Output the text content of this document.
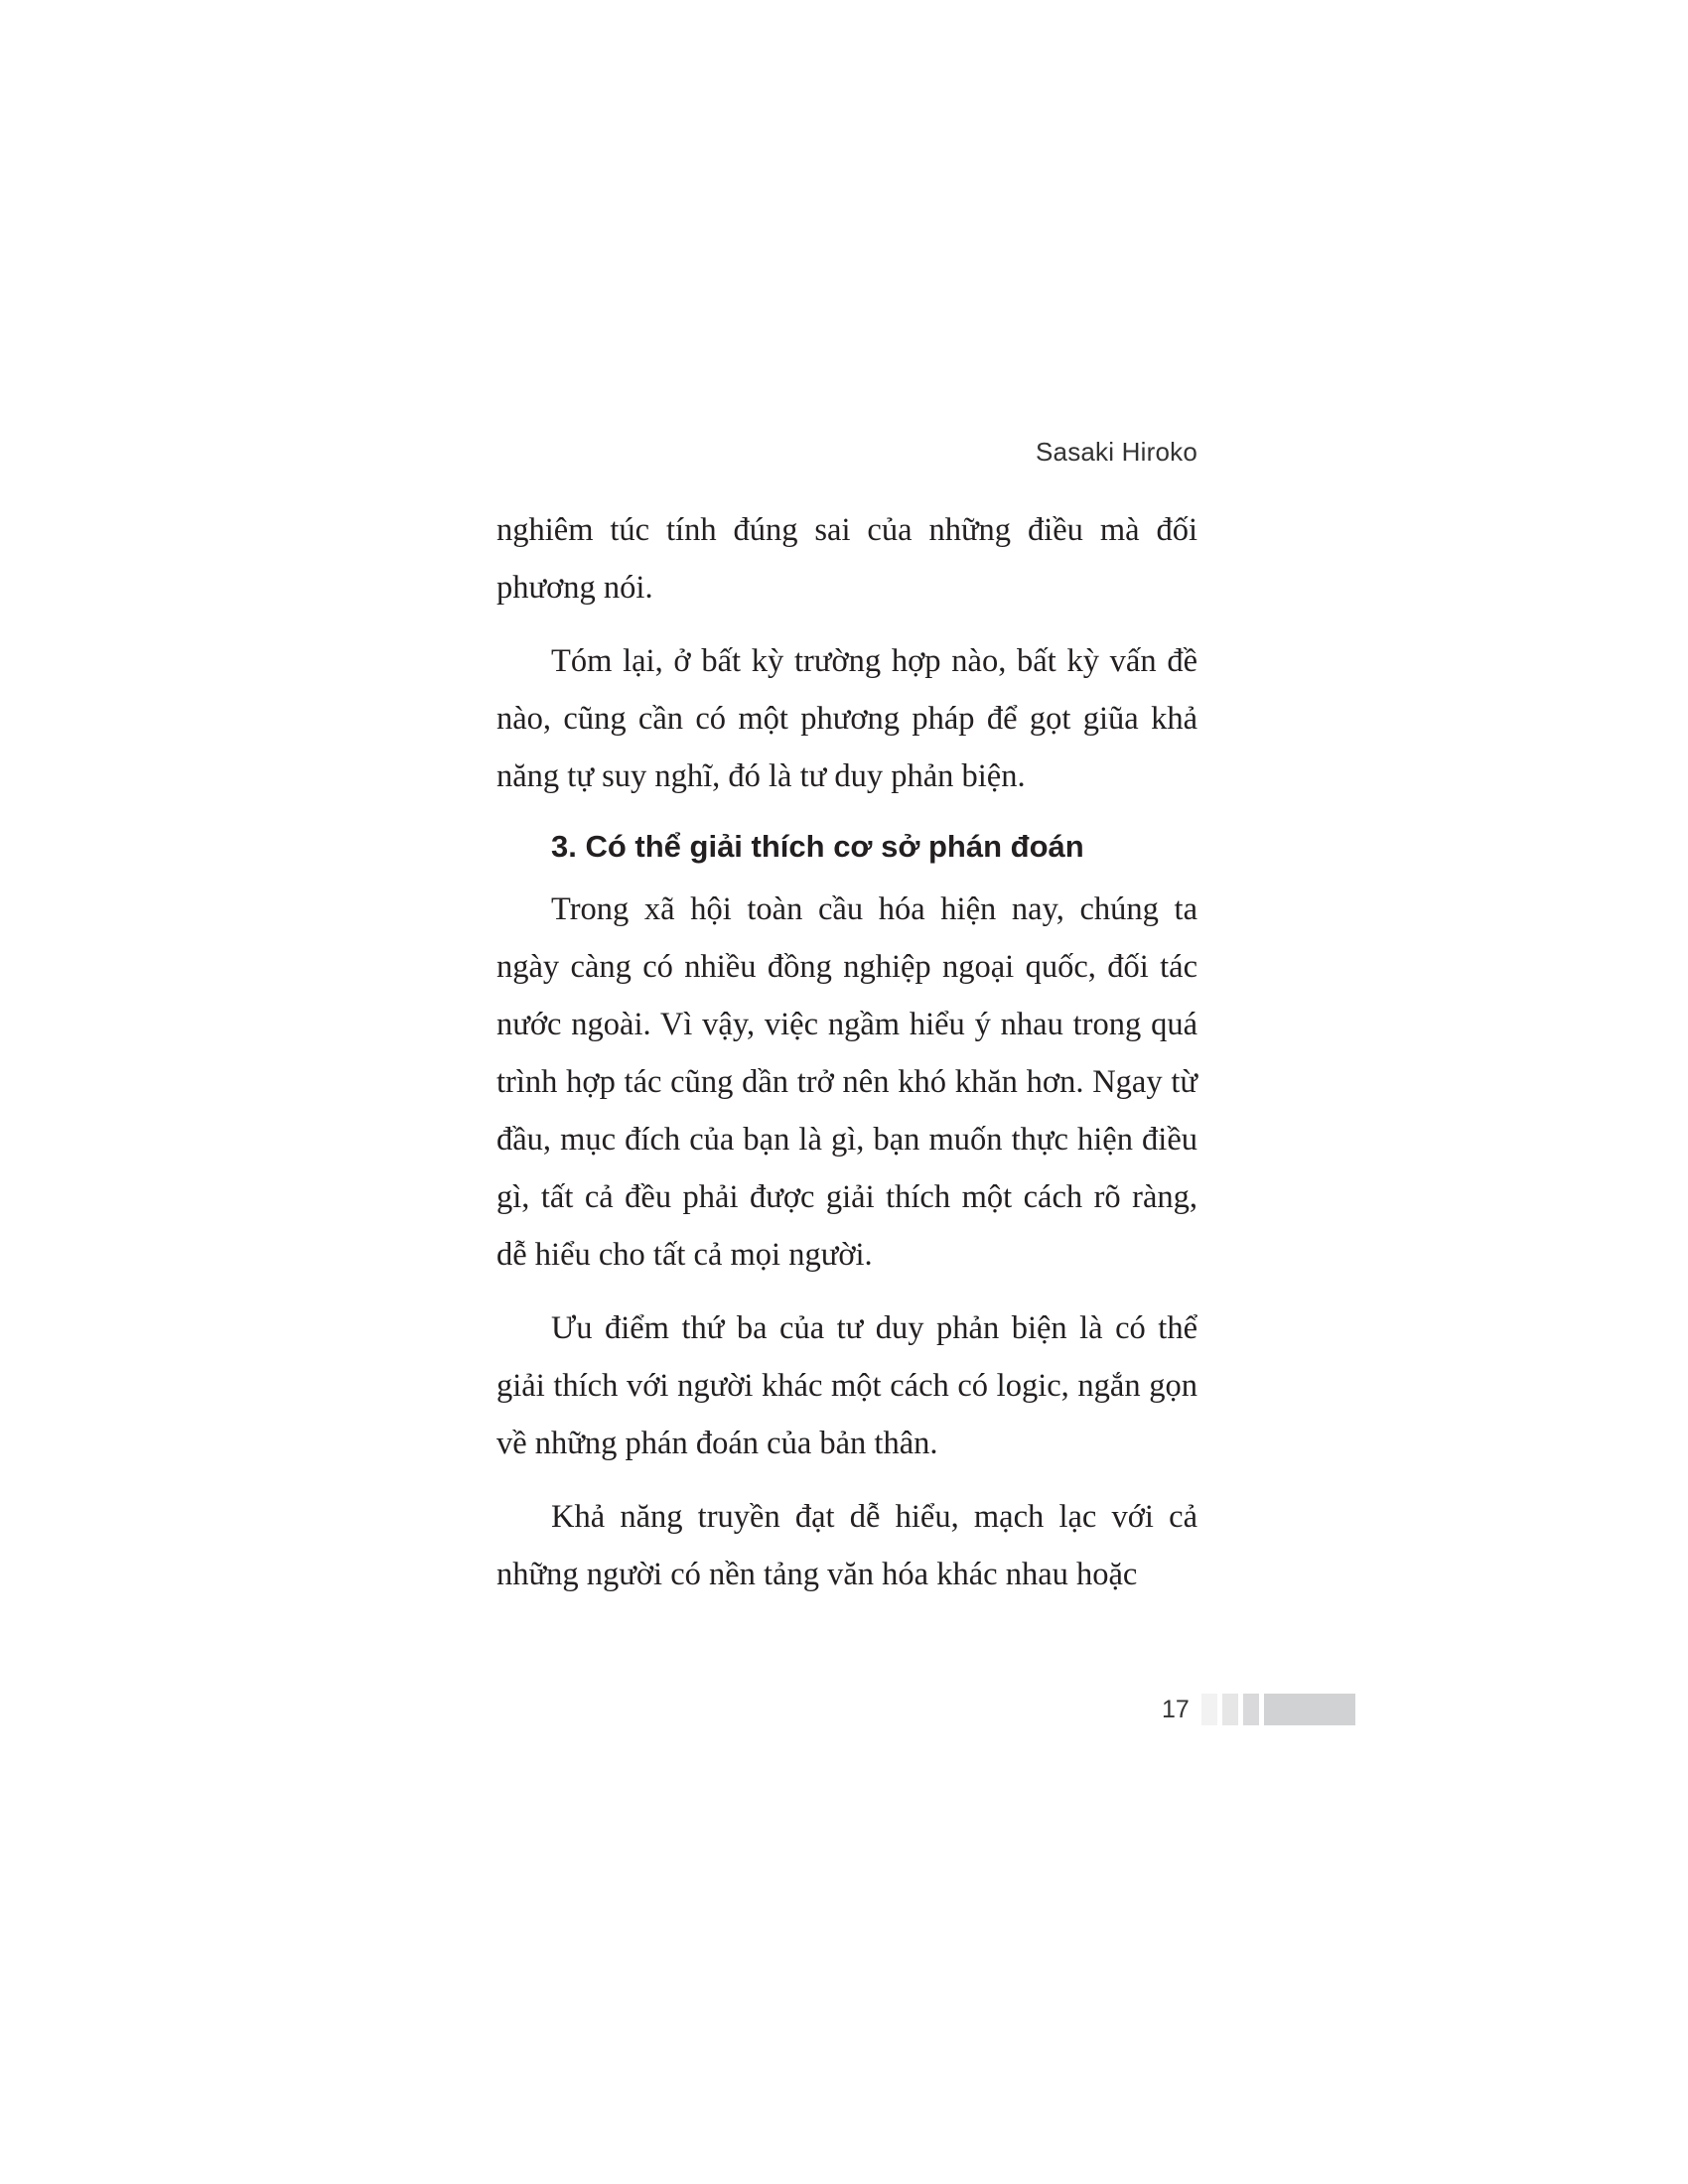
Sasaki Hiroko

nghiêm túc tính đúng sai của những điều mà đối phương nói.

Tóm lại, ở bất kỳ trường hợp nào, bất kỳ vấn đề nào, cũng cần có một phương pháp để gọt giũa khả năng tự suy nghĩ, đó là tư duy phản biện.

3. Có thể giải thích cơ sở phán đoán

Trong xã hội toàn cầu hóa hiện nay, chúng ta ngày càng có nhiều đồng nghiệp ngoại quốc, đối tác nước ngoài. Vì vậy, việc ngầm hiểu ý nhau trong quá trình hợp tác cũng dần trở nên khó khăn hơn. Ngay từ đầu, mục đích của bạn là gì, bạn muốn thực hiện điều gì, tất cả đều phải được giải thích một cách rõ ràng, dễ hiểu cho tất cả mọi người.

Ưu điểm thứ ba của tư duy phản biện là có thể giải thích với người khác một cách có logic, ngắn gọn về những phán đoán của bản thân.

Khả năng truyền đạt dễ hiểu, mạch lạc với cả những người có nền tảng văn hóa khác nhau hoặc

17
